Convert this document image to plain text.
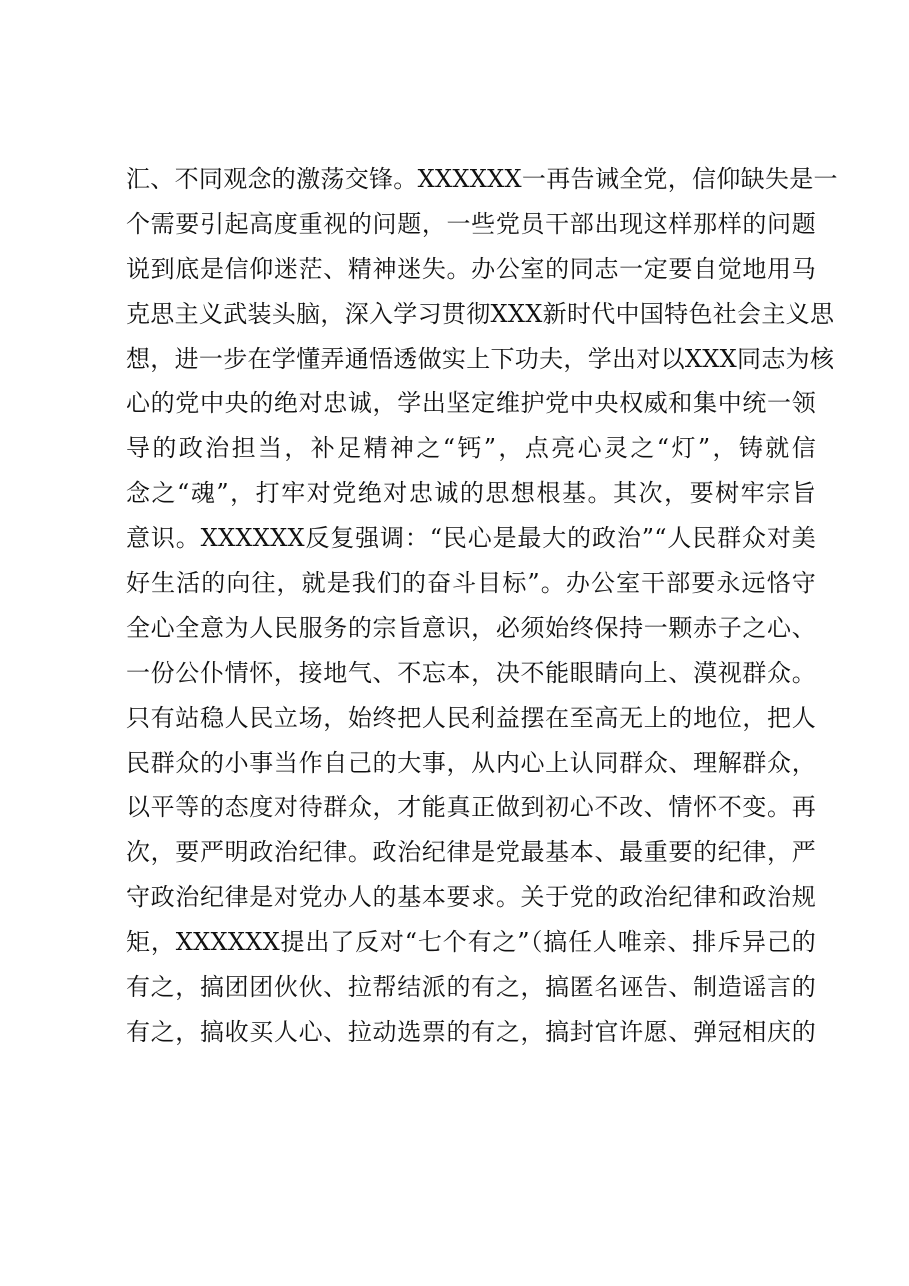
汇、不同观念的激荡交锋。XXXXXX一再告诫全党，信仰缺失是一
个需要引起高度重视的问题，一些党员干部出现这样那样的问题
说到底是信仰迷茫、精神迷失。办公室的同志一定要自觉地用马
克思主义武装头脑，深入学习贯彻XXX新时代中国特色社会主义思
想，进一步在学懂弄通悟透做实上下功夫，学出对以XXX同志为核
心的党中央的绝对忠诚，学出坚定维护党中央权威和集中统一领
导的政治担当，补足精神之“钙”，点亮心灵之“灯”，铸就信
念之“魂”，打牢对党绝对忠诚的思想根基。其次，要树牢宗旨
意识。XXXXXX反复强调：“民心是最大的政治”“人民群众对美
好生活的向往，就是我们的奋斗目标”。办公室干部要永远恪守
全心全意为人民服务的宗旨意识，必须始终保持一颗赤子之心、
一份公仆情怀，接地气、不忘本，决不能眼睛向上、漠视群众。
只有站稳人民立场，始终把人民利益摆在至高无上的地位，把人
民群众的小事当作自己的大事，从内心上认同群众、理解群众，
以平等的态度对待群众，才能真正做到初心不改、情怀不变。再
次，要严明政治纪律。政治纪律是党最基本、最重要的纪律，严
守政治纪律是对党办人的基本要求。关于党的政治纪律和政治规
矩，XXXXXX提出了反对“七个有之”（搞任人唯亲、排斥异己的
有之，搞团团伙伙、拉帮结派的有之，搞匿名诬告、制造谣言的
有之，搞收买人心、拉动选票的有之，搞封官许愿、弹冠相庆的
